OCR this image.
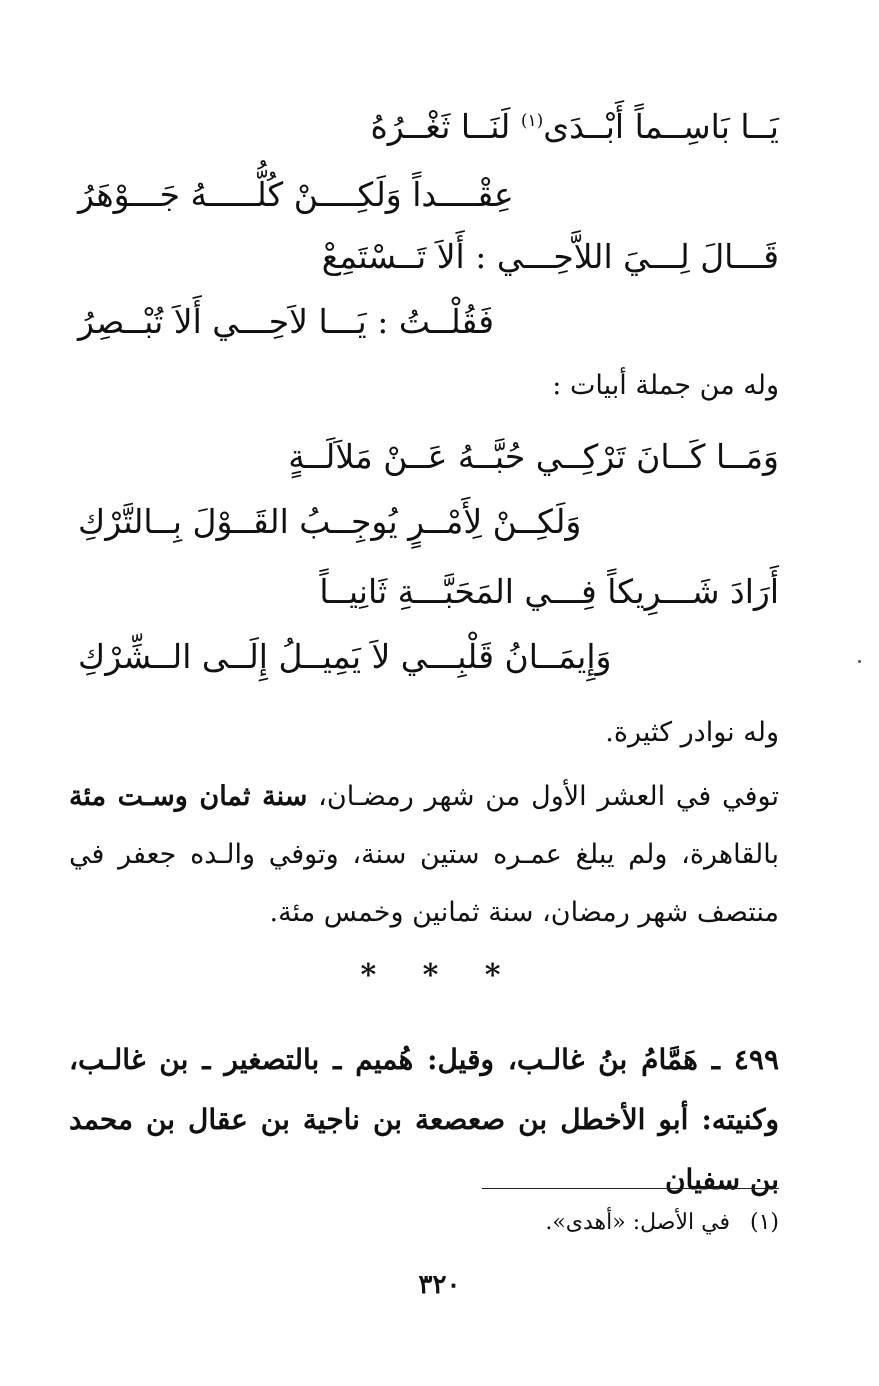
يَــا بَاسِــماً أَبْــدَى$^{(١)}$ لَنَــا ثَغْــرُهُ
عِقْــــداً وَلَكِــــنْ كُلُّـــــهُ جَـــوْهَرُ
قَـــالَ لِـــيَ اللاَّحِـــي : أَلاَ تَــسْتَمِعْ
فَقُلْــتُ : يَـــا لاَحِـــي أَلاَ تُبْــصِرُ
وله من جملة أبيات :
وَمَــا كَــانَ تَرْكِــي حُبَّــهُ عَــنْ مَلاَلَــةٍ
وَلَكِــنْ لِأَمْــرٍ يُوجِــبُ القَــوْلَ بِــالتَّرْكِ
أَرَادَ شَـــرِيكاً فِـــي المَحَبَّـــةِ ثَانِيــاً
وَإِيمَــانُ قَلْبِـــي لاَ يَمِيــلُ إِلَــى الــشِّرْكِ
وله نوادر كثيرة.
توفي في العشر الأول من شهر رمضـان، سنة ثمان وسـت مئة بالقاهرة، ولم يبلغ عمـره ستين سنة، وتوفي والـده جعفر في منتصف شهر رمضان، سنة ثمانين وخمس مئة.
* * *
٤٩٩ ـ هَمَّامُ بنُ غالـب، وقيل: هُميم ـ بالتصغير ـ بن غالـب، وكنيته: أبو الأخطل بن صعصعة بن ناجية بن عقال بن محمد بن سفيان
(١)في الأصل: «أهدى».
٣٢٠
